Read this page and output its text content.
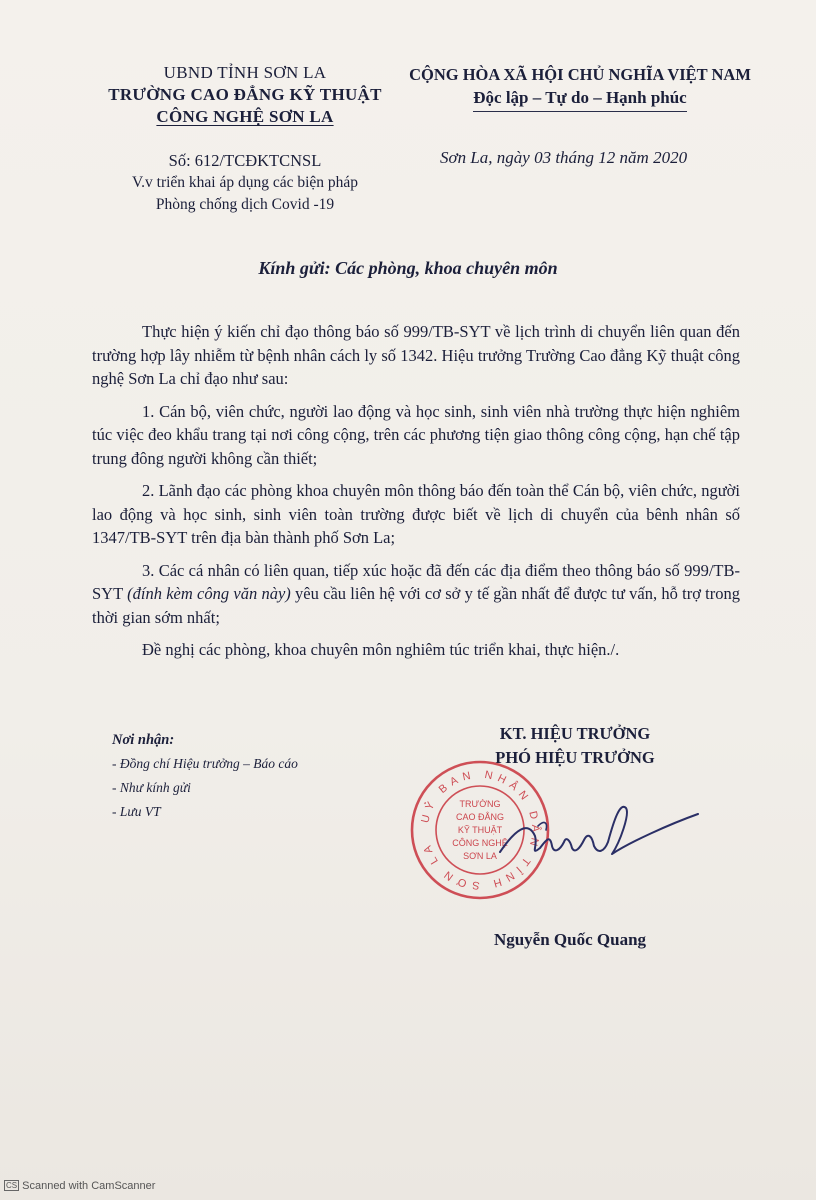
UBND TỈNH SƠN LA
TRƯỜNG CAO ĐẲNG KỸ THUẬT
CÔNG NGHỆ SƠN LA
CỘNG HÒA XÃ HỘI CHỦ NGHĨA VIỆT NAM
Độc lập – Tự do – Hạnh phúc
Số: 612/TCĐKTCNSL
V.v triển khai áp dụng các biện pháp
Phòng chống dịch Covid -19
Sơn La, ngày 03 tháng 12 năm 2020
Kính gửi: Các phòng, khoa chuyên môn

Thực hiện ý kiến chỉ đạo thông báo số 999/TB-SYT về lịch trình di chuyển liên quan đến trường hợp lây nhiễm từ bệnh nhân cách ly số 1342. Hiệu trưởng Trường Cao đẳng Kỹ thuật công nghệ Sơn La chỉ đạo như sau:

1. Cán bộ, viên chức, người lao động và học sinh, sinh viên nhà trường thực hiện nghiêm túc việc đeo khẩu trang tại nơi công cộng, trên các phương tiện giao thông công cộng, hạn chế tập trung đông người không cần thiết;

2. Lãnh đạo các phòng khoa chuyên môn thông báo đến toàn thể Cán bộ, viên chức, người lao động và học sinh, sinh viên toàn trường được biết về lịch di chuyển của bênh nhân số 1347/TB-SYT trên địa bàn thành phố Sơn La;

3. Các cá nhân có liên quan, tiếp xúc hoặc đã đến các địa điểm theo thông báo số 999/TB-SYT (đính kèm công văn này) yêu cầu liên hệ với cơ sở y tế gần nhất để được tư vấn, hỗ trợ trong thời gian sớm nhất;

Đề nghị các phòng, khoa chuyên môn nghiêm túc triển khai, thực hiện./.

Nơi nhận:
- Đồng chí Hiệu trưởng – Báo cáo
- Như kính gửi
- Lưu VT
KT. HIỆU TRƯỞNG
PHÓ HIỆU TRƯỞNG
UỶ BAN NHÂN DÂN TỈNH SƠN LA
TRƯỜNG
CAO ĐẲNG
KỸ THUẬT
CÔNG NGHỆ
SƠN LA
Nguyễn Quốc Quang
CS Scanned with CamScanner
